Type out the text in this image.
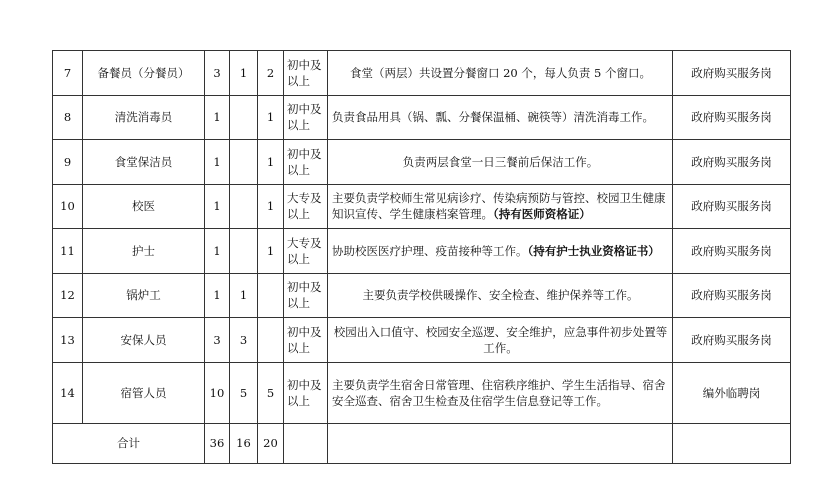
7	备餐员（分餐员）	3	1	2	初中及以上	食堂（两层）共设置分餐窗口 20 个，每人负责 5 个窗口。	政府购买服务岗
8	清洗消毒员	1		1	初中及以上	负责食品用具（锅、瓢、分餐保温桶、碗筷等）清洗消毒工作。	政府购买服务岗
9	食堂保洁员	1		1	初中及以上	负责两层食堂一日三餐前后保洁工作。	政府购买服务岗
10	校医	1		1	大专及以上	主要负责学校师生常见病诊疗、传染病预防与管控、校园卫生健康知识宣传、学生健康档案管理。（持有医师资格证）	政府购买服务岗
11	护士	1		1	大专及以上	协助校医医疗护理、疫苗接种等工作。（持有护士执业资格证书）	政府购买服务岗
12	锅炉工	1	1		初中及以上	主要负责学校供暖操作、安全检查、维护保养等工作。	政府购买服务岗
13	安保人员	3	3		初中及以上	校园出入口值守、校园安全巡逻、安全维护，应急事件初步处置等工作。	政府购买服务岗
14	宿管人员	10	5	5	初中及以上	主要负责学生宿舍日常管理、住宿秩序维护、学生生活指导、宿舍安全巡查、宿舍卫生检查及住宿学生信息登记等工作。	编外临聘岗
合计		36	16	20			
